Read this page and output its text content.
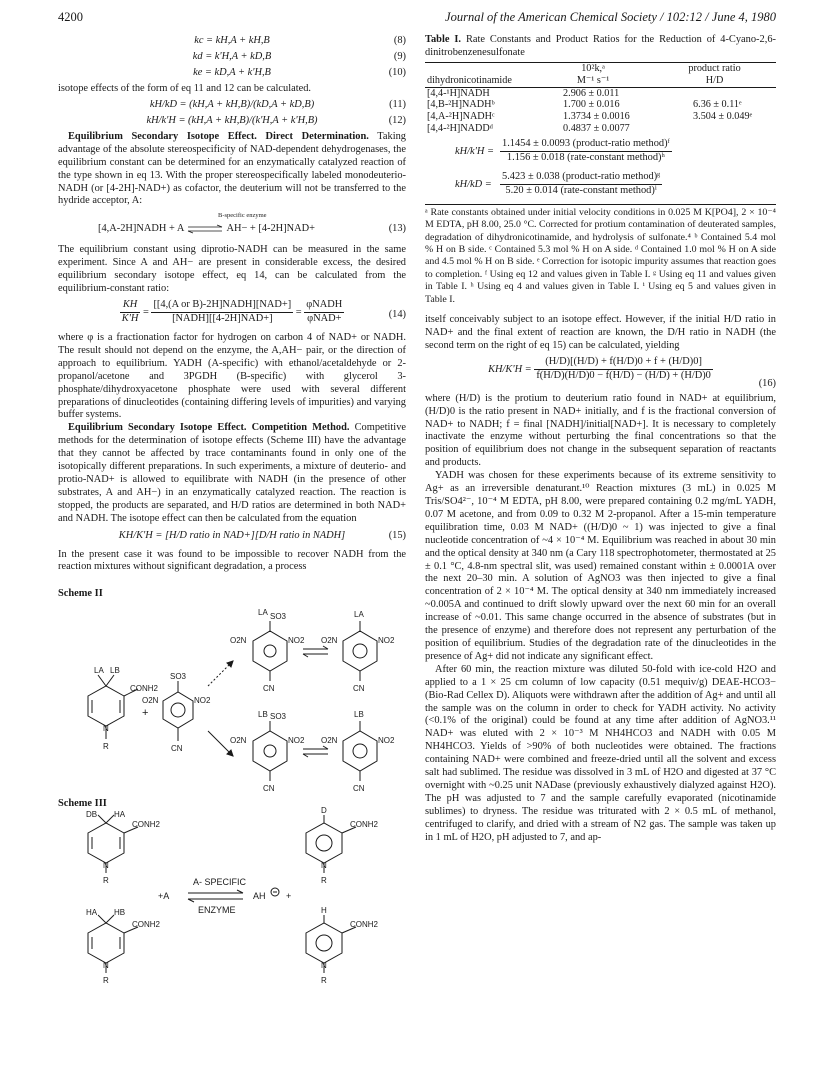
4200	Journal of the American Chemical Society / 102:12 / June 4, 1980
kc = kH,A + kH,B	(8)
kd = k'H,A + kD,B	(9)
ke = kD,A + k'H,B	(10)

isotope effects of the form of eq 11 and 12 can be calculated.

kH/kD = (kH,A + kH,B)/(kD,A + kD,B)	(11)
kH/k'H = (kH,A + kH,B)/(k'H,A + k'H,B)	(12)

Equilibrium Secondary Isotope Effect. Direct Determination. Taking advantage of the absolute stereospecificity of NAD-dependent dehydrogenases, the equilibrium constant can be determined for an enzymatically catalyzed reaction of the type shown in eq 13. With the proper stereospecifically labeled monodeuterio-NADH (or [4-2H]-NAD+) as cofactor, the deuterium will not be transferred to the hydride acceptor, A:

B-specific enzyme
[4,A-2H]NADH + A ⇌ AH− + [4-2H]NAD+	(13)

The equilibrium constant using diprotio-NADH can be measured in the same experiment. Since A and AH− are present in considerable excess, the desired equilibrium secondary isotope effect, eq 14, can be calculated from the equilibrium-constant ratio:

$\frac{KH}{K'H} = \frac{\text{[[4,(A or B)-2H]NADH][NAD+]}}{\text{[NADH][[4-2H]NAD+]}} = \frac{\text{φNADH}}{\text{φNAD+}}$	(14)

where φ is a fractionation factor for hydrogen on carbon 4 of NAD+ or NADH. The result should not depend on the enzyme, the A,AH− pair, or the direction of approach to equilibrium. YADH (A-specific) with ethanol/acetaldehyde or 2-propanol/acetone and 3PGDH (B-specific) with glycerol 3-phosphate/dihydroxyacetone phosphate were used with several different preparations of dinucleotides (containing differing levels of impurities) and varying buffer systems.

Equilibrium Secondary Isotope Effect. Competition Method. Competitive methods for the determination of isotope effects (Scheme III) have the advantage that they cannot be affected by trace contaminants found in only one of the isotopically different preparations. In such experiments, a mixture of deuterio- and protio-NAD+ is allowed to equilibrate with NADH (in the presence of other substrates, A and AH−) in an enzymatically catalyzed reaction. The reaction is stopped, the products are separated, and H/D ratios are determined in both NAD+ and NADH. The isotope effect can then be calculated from the equation

KH/K'H = [H/D ratio in NAD+][D/H ratio in NADH]	(15)

In the present case it was found to be impossible to recover NADH from the reaction mixtures without significant degradation, a process

Scheme II
LA LB
CONH2
N
R
+
SO3
O2N	NO2
CN
LA SO3
O2N	NO2
CN
LB SO3
O2N	NO2
CN
LA
O2N	NO2
CN
LB
O2N	NO2
CN
Scheme III
DB HA
CONH2
N
R
HA HB
CONH2
N
R
+A
A- SPECIFIC
ENZYME
AH +
D
CONH2
N
R
H
CONH2
N
R
Table I. Rate Constants and Product Ratios for the Reduction of 4-Cyano-2,6-dinitrobenzenesulfonate
	10²k,ᵃ	product ratio
dihydronicotinamide	M⁻¹ s⁻¹	H/D
[4,4-¹H]NADH	2.906 ± 0.011	
[4,B-²H]NADHᵇ	1.700 ± 0.016	6.36 ± 0.11ᵉ
[4,A-²H]NADHᶜ	1.3734 ± 0.0016	3.504 ± 0.049ᵉ
[4,4-²H]NADDᵈ	0.4837 ± 0.0077	
kH/k'H =
1.1454 ± 0.0093 (product-ratio method)ᶠ
1.156 ± 0.018 (rate-constant method)ʰ
kH/kD =
5.423 ± 0.038 (product-ratio method)ᵍ
5.20 ± 0.014 (rate-constant method)ⁱ

ᵃ Rate constants obtained under initial velocity conditions in 0.025 M K[PO4], 2 × 10⁻⁴ M EDTA, pH 8.00, 25.0 °C. Corrected for protium contamination of deuterated samples, degradation of dihydronicotinamide, and hydrolysis of sulfonate.⁴ ᵇ Contained 5.4 mol % H on B side. ᶜ Contained 5.3 mol % H on A side. ᵈ Contained 1.0 mol % H on A side and 4.5 mol % H on B side. ᵉ Correction for isotopic impurity assumes that reaction goes to completion. ᶠ Using eq 12 and values given in Table I. ᵍ Using eq 11 and values given in Table I. ʰ Using eq 4 and values given in Table I. ⁱ Using eq 5 and values given in Table I.

itself conceivably subject to an isotope effect. However, if the initial H/D ratio in NAD+ and the final extent of reaction are known, the D/H ratio in NADH (the second term on the right of eq 15) can be calculated, yielding

$KH/K'H = \frac{(H/D)[(H/D) + f(H/D)0 + f + (H/D)0]}{f(H/D)(H/D)0 - f(H/D) - (H/D) + (H/D)0}$
(16)

where (H/D) is the protium to deuterium ratio found in NAD+ at equilibrium, (H/D)0 is the ratio present in NAD+ initially, and f is the fractional conversion of NAD+ to NADH; f = final [NADH]/initial[NAD+]. It is necessary to completely inactivate the enzyme without perturbing the final concentrations so that the position of equilibrium does not change in the subsequent separation of reactants and products.

YADH was chosen for these experiments because of its extreme sensitivity to Ag+ as an irreversible denaturant.¹⁰ Reaction mixtures (3 mL) in 0.025 M Tris/SO4²⁻, 10⁻⁴ M EDTA, pH 8.00, were prepared containing 0.2 mg/mL YADH, 0.07 M acetone, and from 0.09 to 0.32 M 2-propanol. After a 15-min temperature equilibration time, 0.03 M NAD+ ((H/D)0 ~ 1) was injected to give a final nucleotide concentration of ~4 × 10⁻⁴ M. Equilibrium was reached in about 30 min and the optical density at 340 nm (a Cary 118 spectrophotometer, thermostated at 25 ± 0.1 °C, 4.8-nm spectral slit, was used) remained constant within ± 0.0001A over the next 20–30 min. A solution of AgNO3 was then injected to give a final concentration of 2 × 10⁻⁴ M. The optical density at 340 nm immediately increased ~0.005A and continued to drift slowly upward over the next 60 min for an overall increase of ~0.01. This same change occurred in the absence of substrates (but in the presence of enzyme) and therefore does not represent any perturbation of the position of equilibrium. Studies of the degradation rate of the dinucleotides in the presence of Ag+ did not indicate any significant effect.

After 60 min, the reaction mixture was diluted 50-fold with ice-cold H2O and applied to a 1 × 25 cm column of low capacity (0.51 mequiv/g) DEAE-HCO3− (Bio-Rad Cellex D). Aliquots were withdrawn after the addition of Ag+ and until all the sample was on the column in order to check for YADH activity. No activity (<0.1% of the original) could be found at any time after addition of AgNO3.¹¹ NAD+ was eluted with 2 × 10⁻³ M NH4HCO3 and NADH with 0.05 M NH4HCO3. Yields of >90% of both nucleotides were obtained. The fractions containing NAD+ were combined and freeze-dried until all the solvent and excess salt had sublimed. The residue was dissolved in 3 mL of H2O and digested at 37 °C overnight with ~0.25 unit NADase (previously exhaustively dialyzed against H2O). The pH was adjusted to 7 and the sample carefully evaporated (nicotinamide sublimes) to dryness. The residue was triturated with 2 × 0.5 mL of methanol, centrifuged to clarify, and dried with a stream of N2 gas. The sample was taken up in 1 mL of H2O, pH adjusted to 7, and ap-
